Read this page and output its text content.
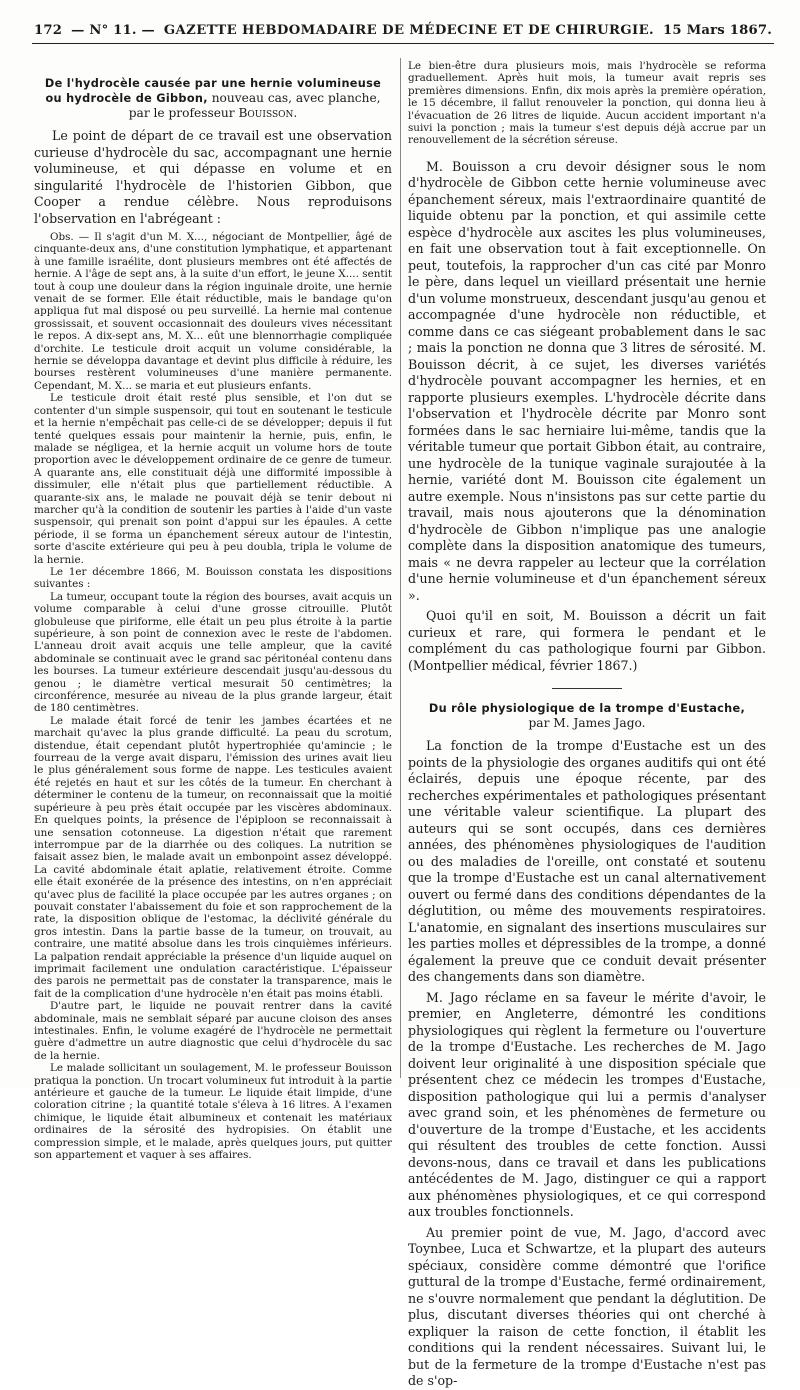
172 — N° 11. — GAZETTE HEBDOMADAIRE DE MÉDECINE ET DE CHIRURGIE. 15 Mars 1867.
De l'hydrocèle causée par une hernie volumineuse ou hydrocèle de Gibbon, nouveau cas, avec planche, par le professeur Bouisson.

Le point de départ de ce travail est une observation curieuse d'hydrocèle du sac, accompagnant une hernie volumineuse, et qui dépasse en volume et en singularité l'hydrocèle de l'historien Gibbon, que Cooper a rendue célèbre. Nous reproduisons l'observation en l'abrégeant :

Obs. — Il s'agit d'un M. X..., négociant de Montpellier, âgé de cinquante-deux ans, d'une constitution lymphatique, et appartenant à une famille israélite, dont plusieurs membres ont été affectés de hernie. A l'âge de sept ans, à la suite d'un effort, le jeune X.... sentit tout à coup une douleur dans la région inguinale droite, une hernie venait de se former. Elle était réductible, mais le bandage qu'on appliqua fut mal disposé ou peu surveillé. La hernie mal contenue grossissait, et souvent occasionnait des douleurs vives nécessitant le repos. A dix-sept ans, M. X... eût une blennorrhagie compliquée d'orchite. Le testicule droit acquit un volume considérable, la hernie se développa davantage et devint plus difficile à réduire, les bourses restèrent volumineuses d'une manière permanente. Cependant, M. X... se maria et eut plusieurs enfants.

Le testicule droit était resté plus sensible, et l'on dut se contenter d'un simple suspensoir, qui tout en soutenant le testicule et la hernie n'empêchait pas celle-ci de se développer; depuis il fut tenté quelques essais pour maintenir la hernie, puis, enfin, le malade se négligea, et la hernie acquit un volume hors de toute proportion avec le développement ordinaire de ce genre de tumeur. A quarante ans, elle constituait déjà une difformité impossible à dissimuler, elle n'était plus que partiellement réductible. A quarante-six ans, le malade ne pouvait déjà se tenir debout ni marcher qu'à la condition de soutenir les parties à l'aide d'un vaste suspensoir, qui prenait son point d'appui sur les épaules. A cette période, il se forma un épanchement séreux autour de l'intestin, sorte d'ascite extérieure qui peu à peu doubla, tripla le volume de la hernie.

Le 1er décembre 1866, M. Bouisson constata les dispositions suivantes :

La tumeur, occupant toute la région des bourses, avait acquis un volume comparable à celui d'une grosse citrouille. Plutôt globuleuse que piriforme, elle était un peu plus étroite à la partie supérieure, à son point de connexion avec le reste de l'abdomen. L'anneau droit avait acquis une telle ampleur, que la cavité abdominale se continuait avec le grand sac péritonéal contenu dans les bourses. La tumeur extérieure descendait jusqu'au-dessous du genou ; le diamètre vertical mesurait 50 centimètres; la circonférence, mesurée au niveau de la plus grande largeur, était de 180 centimètres.

Le malade était forcé de tenir les jambes écartées et ne marchait qu'avec la plus grande difficulté. La peau du scrotum, distendue, était cependant plutôt hypertrophiée qu'amincie ; le fourreau de la verge avait disparu, l'émission des urines avait lieu le plus généralement sous forme de nappe. Les testicules avaient été rejetés en haut et sur les côtés de la tumeur. En cherchant à déterminer le contenu de la tumeur, on reconnaissait que la moitié supérieure à peu près était occupée par les viscères abdominaux. En quelques points, la présence de l'épiploon se reconnaissait à une sensation cotonneuse. La digestion n'était que rarement interrompue par de la diarrhée ou des coliques. La nutrition se faisait assez bien, le malade avait un embonpoint assez développé. La cavité abdominale était aplatie, relativement étroite. Comme elle était exonérée de la présence des intestins, on n'en appréciait qu'avec plus de facilité la place occupée par les autres organes ; on pouvait constater l'abaissement du foie et son rapprochement de la rate, la disposition oblique de l'estomac, la déclivité générale du gros intestin. Dans la partie basse de la tumeur, on trouvait, au contraire, une matité absolue dans les trois cinquièmes inférieurs. La palpation rendait appréciable la présence d'un liquide auquel on imprimait facilement une ondulation caractéristique. L'épaisseur des parois ne permettait pas de constater la transparence, mais le fait de la complication d'une hydrocèle n'en était pas moins établi.

D'autre part, le liquide ne pouvait rentrer dans la cavité abdominale, mais ne semblait séparé par aucune cloison des anses intestinales. Enfin, le volume exagéré de l'hydrocèle ne permettait guère d'admettre un autre diagnostic que celui d'hydrocèle du sac de la hernie.

Le malade sollicitant un soulagement, M. le professeur Bouisson pratiqua la ponction. Un trocart volumineux fut introduit à la partie antérieure et gauche de la tumeur. Le liquide était limpide, d'une coloration citrine ; la quantité totale s'éleva à 16 litres. A l'examen chimique, le liquide était albumineux et contenait les matériaux ordinaires de la sérosité des hydropisies. On établit une compression simple, et le malade, après quelques jours, put quitter son appartement et vaquer à ses affaires.

Le bien-être dura plusieurs mois, mais l'hydrocèle se reforma graduellement. Après huit mois, la tumeur avait repris ses premières dimensions. Enfin, dix mois après la première opération, le 15 décembre, il fallut renouveler la ponction, qui donna lieu à l'évacuation de 26 litres de liquide. Aucun accident important n'a suivi la ponction ; mais la tumeur s'est depuis déjà accrue par un renouvellement de la sécrétion séreuse.

M. Bouisson a cru devoir désigner sous le nom d'hydrocèle de Gibbon cette hernie volumineuse avec épanchement séreux, mais l'extraordinaire quantité de liquide obtenu par la ponction, et qui assimile cette espèce d'hydrocèle aux ascites les plus volumineuses, en fait une observation tout à fait exceptionnelle. On peut, toutefois, la rapprocher d'un cas cité par Monro le père, dans lequel un vieillard présentait une hernie d'un volume monstrueux, descendant jusqu'au genou et accompagnée d'une hydrocèle non réductible, et comme dans ce cas siégeant probablement dans le sac ; mais la ponction ne donna que 3 litres de sérosité. M. Bouisson décrit, à ce sujet, les diverses variétés d'hydrocèle pouvant accompagner les hernies, et en rapporte plusieurs exemples. L'hydrocèle décrite dans l'observation et l'hydrocèle décrite par Monro sont formées dans le sac herniaire lui-même, tandis que la véritable tumeur que portait Gibbon était, au contraire, une hydrocèle de la tunique vaginale surajoutée à la hernie, variété dont M. Bouisson cite également un autre exemple. Nous n'insistons pas sur cette partie du travail, mais nous ajouterons que la dénomination d'hydrocèle de Gibbon n'implique pas une analogie complète dans la disposition anatomique des tumeurs, mais « ne devra rappeler au lecteur que la corrélation d'une hernie volumineuse et d'un épanchement séreux ».

Quoi qu'il en soit, M. Bouisson a décrit un fait curieux et rare, qui formera le pendant et le complément du cas pathologique fourni par Gibbon. (Montpellier médical, février 1867.)

Du rôle physiologique de la trompe d'Eustache,
par M. James Jago.

La fonction de la trompe d'Eustache est un des points de la physiologie des organes auditifs qui ont été éclairés, depuis une époque récente, par des recherches expérimentales et pathologiques présentant une véritable valeur scientifique. La plupart des auteurs qui se sont occupés, dans ces dernières années, des phénomènes physiologiques de l'audition ou des maladies de l'oreille, ont constaté et soutenu que la trompe d'Eustache est un canal alternativement ouvert ou fermé dans des conditions dépendantes de la déglutition, ou même des mouvements respiratoires. L'anatomie, en signalant des insertions musculaires sur les parties molles et dépressibles de la trompe, a donné également la preuve que ce conduit devait présenter des changements dans son diamètre.

M. Jago réclame en sa faveur le mérite d'avoir, le premier, en Angleterre, démontré les conditions physiologiques qui règlent la fermeture ou l'ouverture de la trompe d'Eustache. Les recherches de M. Jago doivent leur originalité à une disposition spéciale que présentent chez ce médecin les trompes d'Eustache, disposition pathologique qui lui a permis d'analyser avec grand soin, et les phénomènes de fermeture ou d'ouverture de la trompe d'Eustache, et les accidents qui résultent des troubles de cette fonction. Aussi devons-nous, dans ce travail et dans les publications antécédentes de M. Jago, distinguer ce qui a rapport aux phénomènes physiologiques, et ce qui correspond aux troubles fonctionnels.

Au premier point de vue, M. Jago, d'accord avec Toynbee, Luca et Schwartze, et la plupart des auteurs spéciaux, considère comme démontré que l'orifice guttural de la trompe d'Eustache, fermé ordinairement, ne s'ouvre normalement que pendant la déglutition. De plus, discutant diverses théories qui ont cherché à expliquer la raison de cette fonction, il établit les conditions qui la rendent nécessaires. Suivant lui, le but de la fermeture de la trompe d'Eustache n'est pas de s'op-
